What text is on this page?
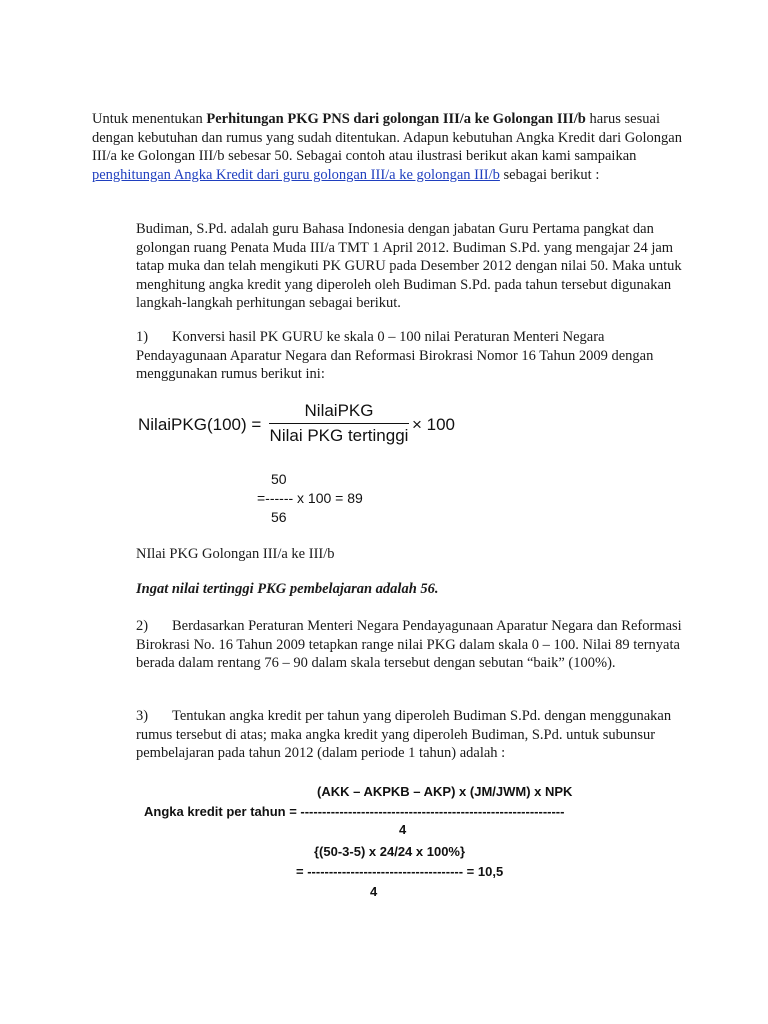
Untuk menentukan Perhitungan PKG PNS dari golongan III/a ke Golongan III/b harus sesuai dengan kebutuhan dan rumus yang sudah ditentukan. Adapun kebutuhan Angka Kredit dari Golongan III/a ke Golongan III/b sebesar 50. Sebagai contoh atau ilustrasi berikut akan kami sampaikan penghitungan Angka Kredit dari guru golongan III/a ke golongan III/b sebagai berikut :
Budiman, S.Pd. adalah guru Bahasa Indonesia dengan jabatan Guru Pertama pangkat dan golongan ruang Penata Muda III/a TMT 1 April 2012. Budiman S.Pd. yang mengajar 24 jam tatap muka dan telah mengikuti PK GURU pada Desember 2012 dengan nilai 50. Maka untuk menghitung angka kredit yang diperoleh oleh Budiman S.Pd. pada tahun tersebut digunakan langkah-langkah perhitungan sebagai berikut.
1) Konversi hasil PK GURU ke skala 0 – 100 nilai Peraturan Menteri Negara Pendayagunaan Aparatur Negara dan Reformasi Birokrasi Nomor 16 Tahun 2009 dengan menggunakan rumus berikut ini:
NilaiPKG(100) =
NilaiPKG
Nilai PKG tertinggi
× 100
50
=------ x 100 = 89
56
NIlai PKG Golongan III/a ke III/b
Ingat nilai tertinggi PKG pembelajaran adalah 56.
2) Berdasarkan Peraturan Menteri Negara Pendayagunaan Aparatur Negara dan Reformasi Birokrasi No. 16 Tahun 2009 tetapkan range nilai PKG dalam skala 0 – 100. Nilai 89 ternyata berada dalam rentang 76 – 90 dalam skala tersebut dengan sebutan “baik” (100%).
3) Tentukan angka kredit per tahun yang diperoleh Budiman S.Pd. dengan menggunakan rumus tersebut di atas; maka angka kredit yang diperoleh Budiman, S.Pd. untuk subunsur pembelajaran pada tahun 2012 (dalam periode 1 tahun) adalah :
(AKK – AKPKB – AKP) x (JM/JWM) x NPK
Angka kredit per tahun = -------------------------------------------------------------
4
{(50-3-5) x 24/24 x 100%}
= ------------------------------------ = 10,5
4
